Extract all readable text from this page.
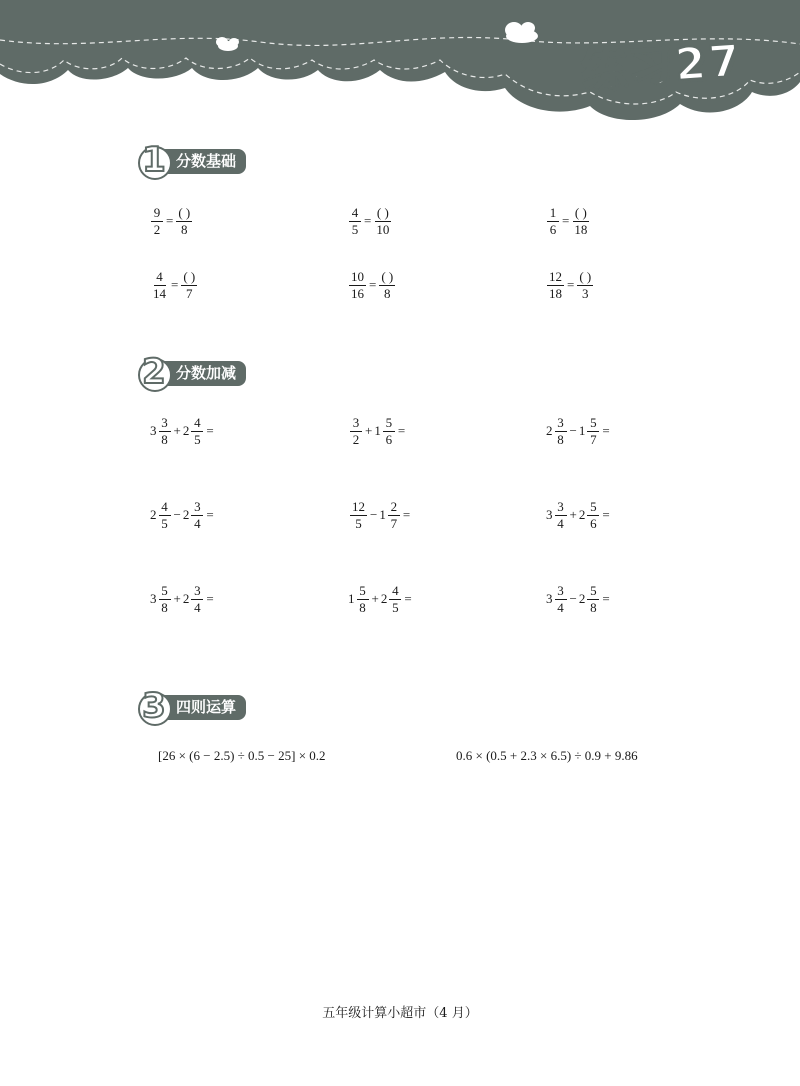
练习27
1 分数基础
$\frac{9}{2} = \frac{( )}{8}$	$\frac{4}{5} = \frac{( )}{10}$	$\frac{1}{6} = \frac{( )}{18}$
$\frac{4}{14} = \frac{( )}{7}$	$\frac{10}{16} = \frac{( )}{8}$	$\frac{12}{18} = \frac{( )}{3}$
2 分数加减
$3 \frac{3}{8} + 2 \frac{4}{5}$ =	$\frac{3}{2} + 1 \frac{5}{6}$ =	$2 \frac{3}{8} - 1 \frac{5}{7}$ =
$2 \frac{4}{5} - 2 \frac{3}{4}$ =	$\frac{12}{5} - 1 \frac{2}{7}$ =	$3 \frac{3}{4} + 2 \frac{5}{6}$ =
$3 \frac{5}{8} + 2 \frac{3}{4}$ =	$1 \frac{5}{8} + 2 \frac{4}{5}$ =	$3 \frac{3}{4} - 2 \frac{5}{8}$ =
3 四则运算
[26 × (6 − 2.5) ÷ 0.5 − 25] × 0.2	0.6 × (0.5 + 2.3 × 6.5) ÷ 0.9 + 9.86
五年级计算小超市（4 月）
